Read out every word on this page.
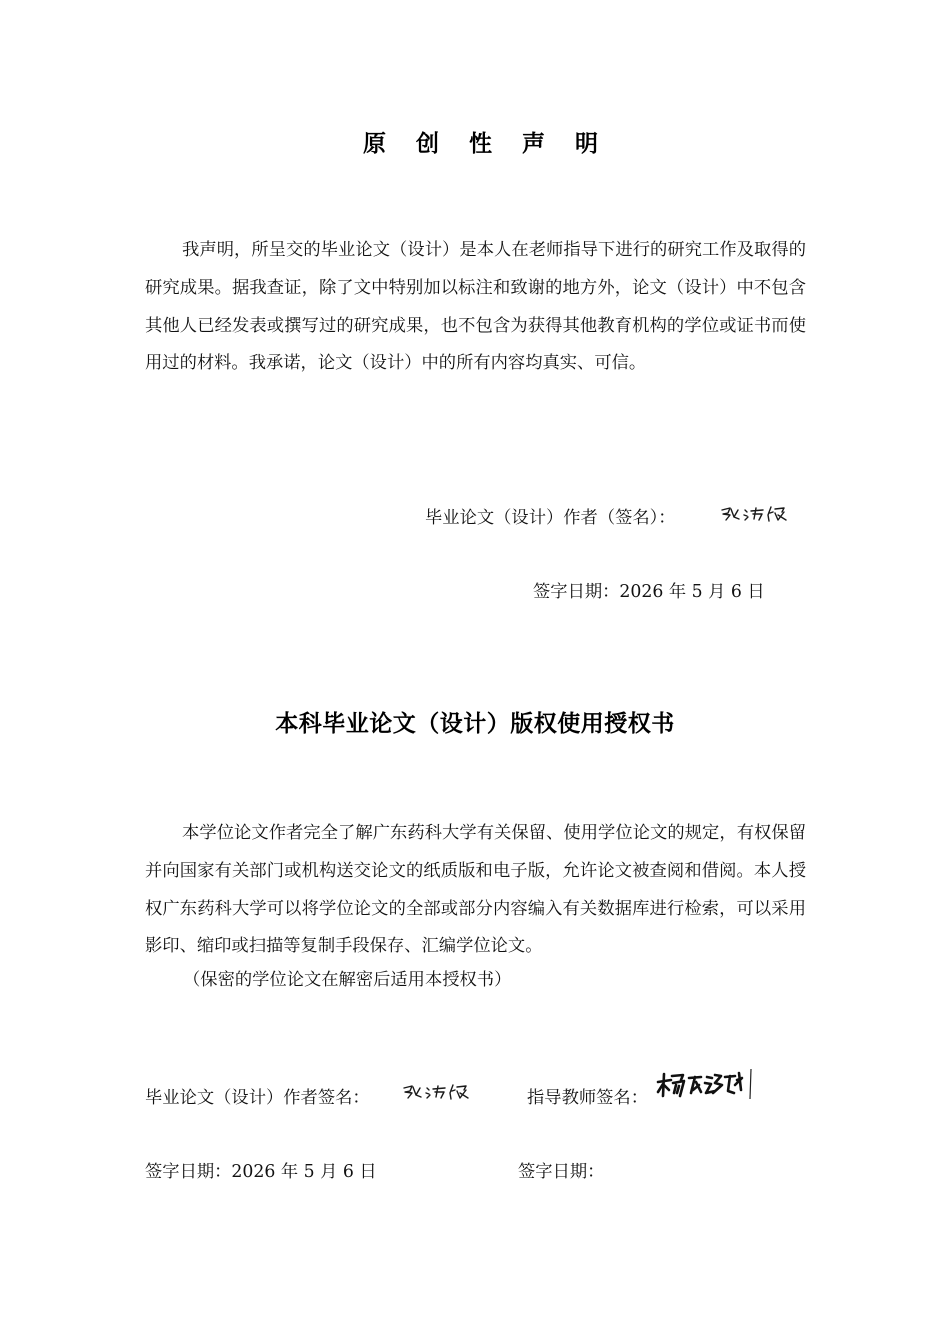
原 创 性 声 明

我声明，所呈交的毕业论文（设计）是本人在老师指导下进行的研究工作及取得的研究成果。据我查证，除了文中特别加以标注和致谢的地方外，论文（设计）中不包含其他人已经发表或撰写过的研究成果，也不包含为获得其他教育机构的学位或证书而使用过的材料。我承诺，论文（设计）中的所有内容均真实、可信。

毕业论文（设计）作者（签名）：
签字日期：2026 年 5 月 6 日
本科毕业论文（设计）版权使用授权书

本学位论文作者完全了解广东药科大学有关保留、使用学位论文的规定，有权保留并向国家有关部门或机构送交论文的纸质版和电子版，允许论文被查阅和借阅。本人授权广东药科大学可以将学位论文的全部或部分内容编入有关数据库进行检索，可以采用影印、缩印或扫描等复制手段保存、汇编学位论文。

（保密的学位论文在解密后适用本授权书）
毕业论文（设计）作者签名：	指导教师签名：
签字日期：2026 年 5 月 6 日	签字日期：
